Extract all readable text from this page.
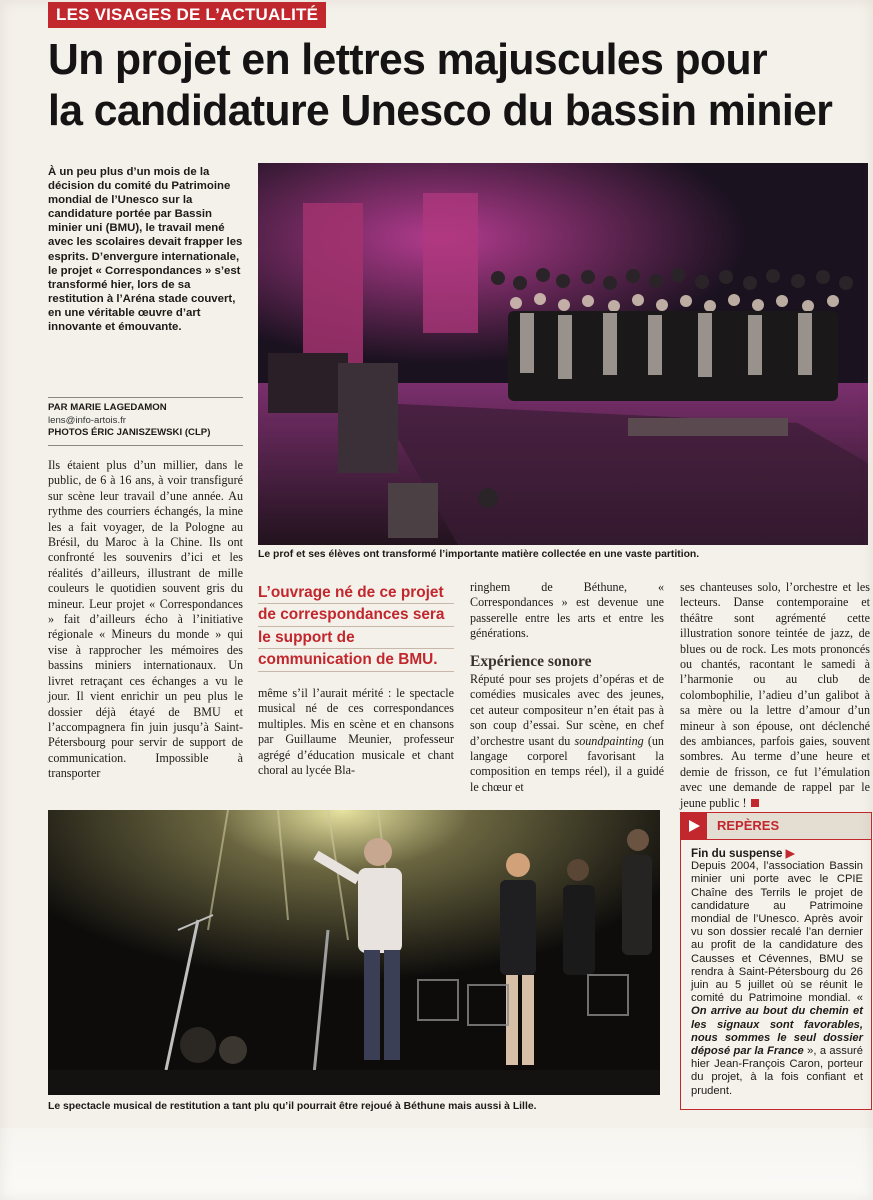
LES VISAGES DE L’ACTUALITÉ
Un projet en lettres majuscules pour
la candidature Unesco du bassin minier
À un peu plus d’un mois de la décision du comité du Patrimoine mondial de l’Unesco sur la candidature portée par Bassin minier uni (BMU), le travail mené avec les scolaires devait frapper les esprits. D’envergure internationale, le projet « Correspondances » s’est transformé hier, lors de sa restitution à l’Aréna stade couvert, en une véritable œuvre d’art innovante et émouvante.
PAR MARIE LAGEDAMON
lens@info-artois.fr
PHOTOS ÉRIC JANISZEWSKI (CLP)
Ils étaient plus d’un millier, dans le public, de 6 à 16 ans, à voir transfiguré sur scène leur travail d’une année. Au rythme des courriers échangés, la mine les a fait voyager, de la Pologne au Brésil, du Maroc à la Chine. Ils ont confronté les souvenirs d’ici et les réalités d’ailleurs, illustrant de mille couleurs le quotidien souvent gris du mineur. Leur projet « Correspondances » fait d’ailleurs écho à l’initiative régionale « Mineurs du monde » qui vise à rapprocher les mémoires des bassins miniers internationaux. Un livret retraçant ces échanges a vu le jour. Il vient enrichir un peu plus le dossier déjà étayé de BMU et l’accompagnera fin juin jusqu’à Saint-Pétersbourg pour servir de support de communication. Impossible à transporter
Le prof et ses élèves ont transformé l’importante matière collectée en une vaste partition.
L’ouvrage né de ce projet
de correspondances sera
le support de
communication de BMU.
même s’il l’aurait mérité : le spectacle musical né de ces correspondances multiples. Mis en scène et en chansons par Guillaume Meunier, professeur agrégé d’éducation musicale et chant choral au lycée Bla-
ringhem de Béthune, « Correspondances » est devenue une passerelle entre les arts et entre les générations.
Expérience sonore
Réputé pour ses projets d’opéras et de comédies musicales avec des jeunes, cet auteur compositeur n’en était pas à son coup d’essai. Sur scène, en chef d’orchestre usant du soundpainting (un langage corporel favorisant la composition en temps réel), il a guidé le chœur et
ses chanteuses solo, l’orchestre et les lecteurs. Danse contemporaine et théâtre sont agrémenté cette illustration sonore teintée de jazz, de blues ou de rock. Les mots prononcés ou chantés, racontant le samedi à l’harmonie ou au club de colombophilie, l’adieu d’un galibot à sa mère ou la lettre d’amour d’un mineur à son épouse, ont déclenché des ambiances, parfois gaies, souvent sombres. Au terme d’une heure et demie de frisson, ce fut l’émulation avec une demande de rappel par le jeune public !
Le spectacle musical de restitution a tant plu qu’il pourrait être rejoué à Béthune mais aussi à Lille.
REPÈRES
Fin du suspense ▶
Depuis 2004, l’association Bassin minier uni porte avec le CPIE Chaîne des Terrils le projet de candidature au Patrimoine mondial de l’Unesco. Après avoir vu son dossier recalé l’an dernier au profit de la candidature des Causses et Cévennes, BMU se rendra à Saint-Pétersbourg du 26 juin au 5 juillet où se réunit le comité du Patrimoine mondial. « On arrive au bout du chemin et les signaux sont favorables, nous sommes le seul dossier déposé par la France », a assuré hier Jean-François Caron, porteur du projet, à la fois confiant et prudent.
